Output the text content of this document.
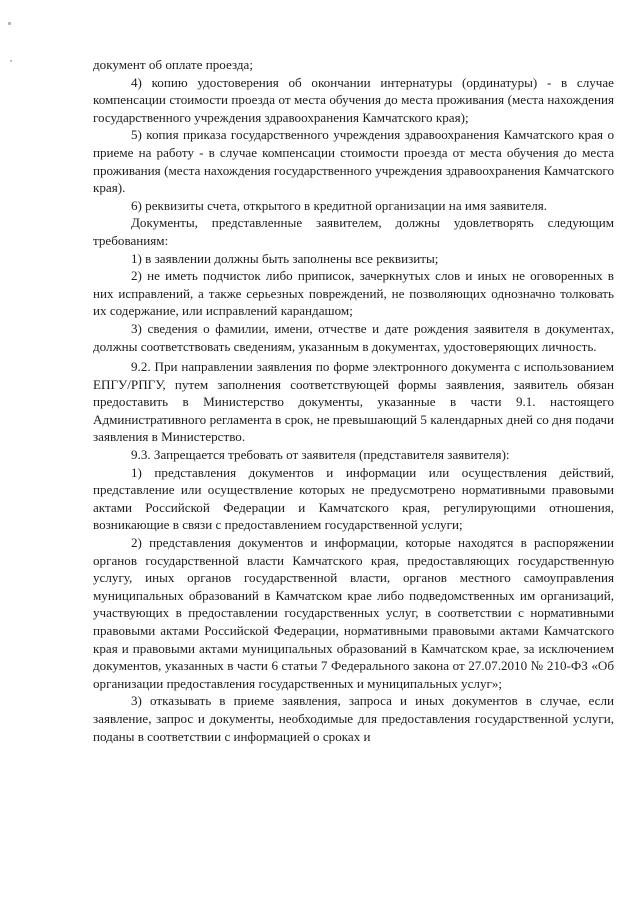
документ об оплате проезда;

4) копию удостоверения об окончании интернатуры (ординатуры) - в случае компенсации стоимости проезда от места обучения до места проживания (места нахождения государственного учреждения здравоохранения Камчатского края);

5) копия приказа государственного учреждения здравоохранения Камчатского края о приеме на работу - в случае компенсации стоимости проезда от места обучения до места проживания (места нахождения государственного учреждения здравоохранения Камчатского края).

6) реквизиты счета, открытого в кредитной организации на имя заявителя.

Документы, представленные заявителем, должны удовлетворять следующим требованиям:

1) в заявлении должны быть заполнены все реквизиты;

2) не иметь подчисток либо приписок, зачеркнутых слов и иных не оговоренных в них исправлений, а также серьезных повреждений, не позволяющих однозначно толковать их содержание, или исправлений карандашом;

3) сведения о фамилии, имени, отчестве и дате рождения заявителя в документах, должны соответствовать сведениям, указанным в документах, удостоверяющих личность.

9.2. При направлении заявления по форме электронного документа с использованием ЕПГУ/РПГУ, путем заполнения соответствующей формы заявления, заявитель обязан предоставить в Министерство документы, указанные в части 9.1. настоящего Административного регламента в срок, не превышающий 5 календарных дней со дня подачи заявления в Министерство.

9.3. Запрещается требовать от заявителя (представителя заявителя):

1) представления документов и информации или осуществления действий, представление или осуществление которых не предусмотрено нормативными правовыми актами Российской Федерации и Камчатского края, регулирующими отношения, возникающие в связи с предоставлением государственной услуги;

2) представления документов и информации, которые находятся в распоряжении органов государственной власти Камчатского края, предоставляющих государственную услугу, иных органов государственной власти, органов местного самоуправления муниципальных образований в Камчатском крае либо подведомственных им организаций, участвующих в предоставлении государственных услуг, в соответствии с нормативными правовыми актами Российской Федерации, нормативными правовыми актами Камчатского края и правовыми актами муниципальных образований в Камчатском крае, за исключением документов, указанных в части 6 статьи 7 Федерального закона от 27.07.2010 № 210-ФЗ «Об организации предоставления государственных и муниципальных услуг»;

3) отказывать в приеме заявления, запроса и иных документов в случае, если заявление, запрос и документы, необходимые для предоставления государственной услуги, поданы в соответствии с информацией о сроках и
